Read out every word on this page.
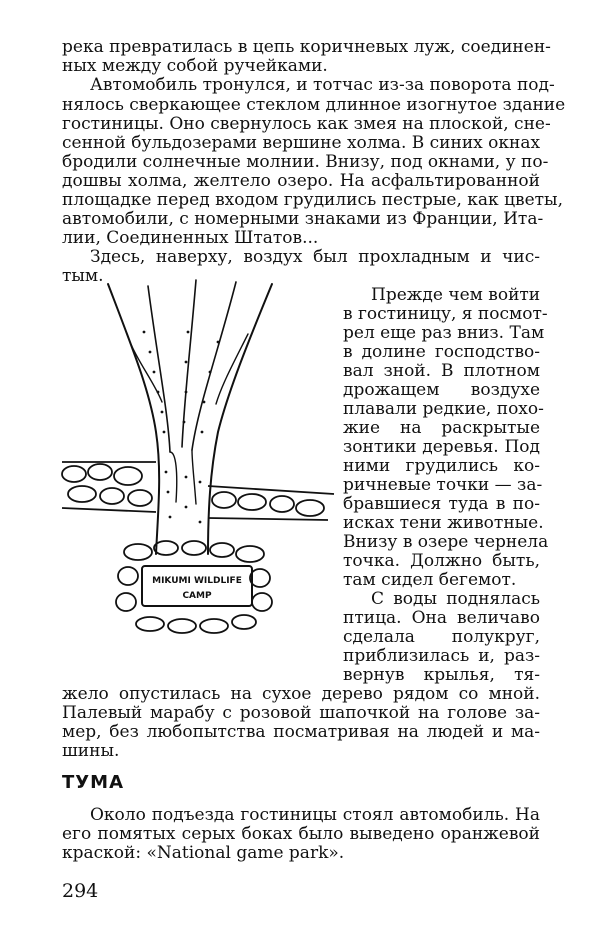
река превратилась в цепь коричневых луж, соединен-
ных между собой ручейками.
Автомобиль тронулся, и тотчас из-за поворота под-
нялось сверкающее стеклом длинное изогнутое здание
гостиницы. Оно свернулось как змея на плоской, сне-
сенной бульдозерами вершине холма. В синих окнах
бродили солнечные молнии. Внизу, под окнами, у по-
дошвы холма, желтело озеро. На асфальтированной
площадке перед входом грудились пестрые, как цветы,
автомобили, с номерными знаками из Франции, Ита-
лии, Соединенных Штатов...
Здесь, наверху, воздух был прохладным и чис-
тым.
Прежде чем войти
в гостиницу, я посмот-
рел еще раз вниз. Там
в долине господство-
вал зной. В плотном
дрожащем воздухе
плавали редкие, похо-
жие на раскрытые
зонтики деревья. Под
ними грудились ко-
ричневые точки — за-
бравшиеся туда в по-
исках тени животные.
Внизу в озере чернела
точка. Должно быть,
там сидел бегемот.
С воды поднялась
птица. Она величаво
сделала полукруг,
приблизилась и, раз-
вернув крылья, тя-
жело опустилась на сухое дерево рядом со мной.
Палевый марабу с розовой шапочкой на голове за-
мер, без любопытства посматривая на людей и ма-
шины.
ТУМА
Около подъезда гостиницы стоял автомобиль. На
его помятых серых боках было выведено оранжевой
краской: «National game park».
294
MIKUMI WILDLIFE
CAMP
